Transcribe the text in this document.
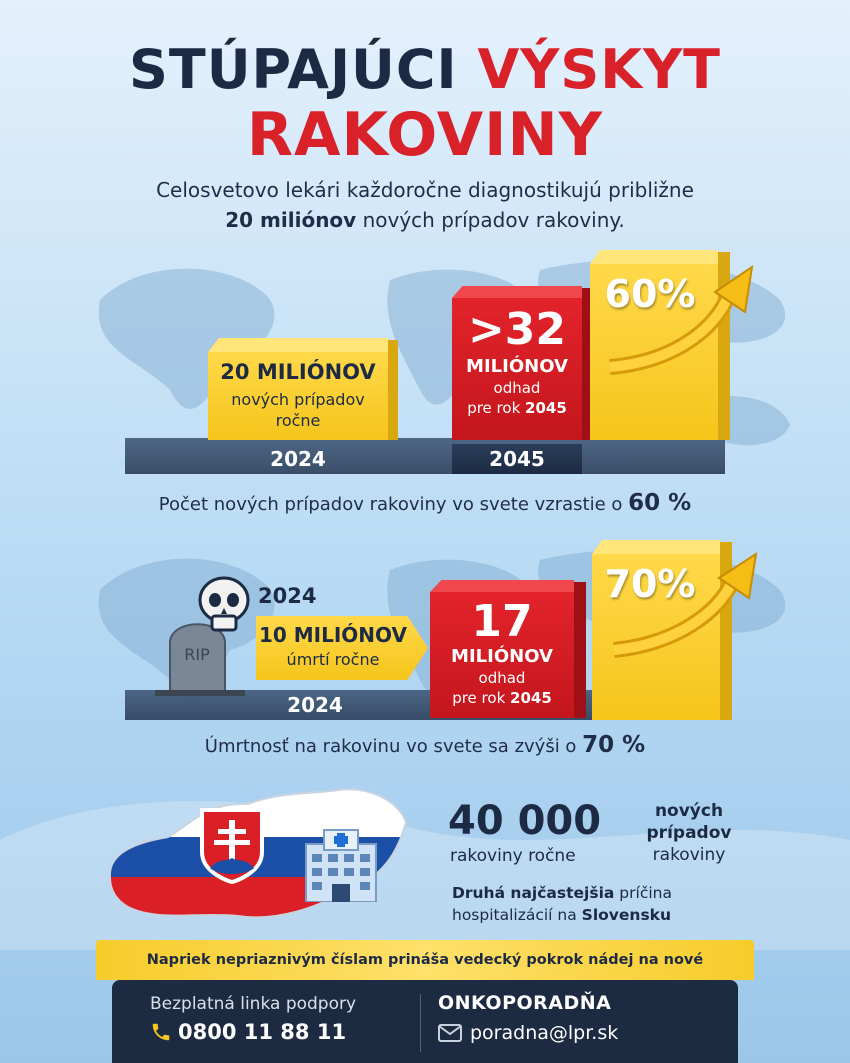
STÚPAJÚCI VÝSKYT
RAKOVINY
Celosvetovo lekári každoročne diagnostikujú približne
20 miliónov nových prípadov rakoviny.
20 MILIÓNOV
nových prípadov
ročne
2024
>32
MILIÓNOV
odhad
pre rok 2045
2045
60%
Počet nových prípadov rakoviny vo svete vzrastie o 60 %
RIP
2024
10 MILIÓNOV
úmrtí ročne
2024
17
MILIÓNOV
odhad
pre rok 2045
70%
Úmrtnosť na rakovinu vo svete sa zvýši o 70 %
40 000
rakoviny ročne
nových
prípadov
rakoviny
Druhá najčastejšia príčina
hospitalizácií na Slovensku
Napriek nepriaznivým číslam prináša vedecký pokrok nádej na nové
Bezplatná linka podpory
0800 11 88 11
ONKOPORADŇA
poradna@lpr.sk
